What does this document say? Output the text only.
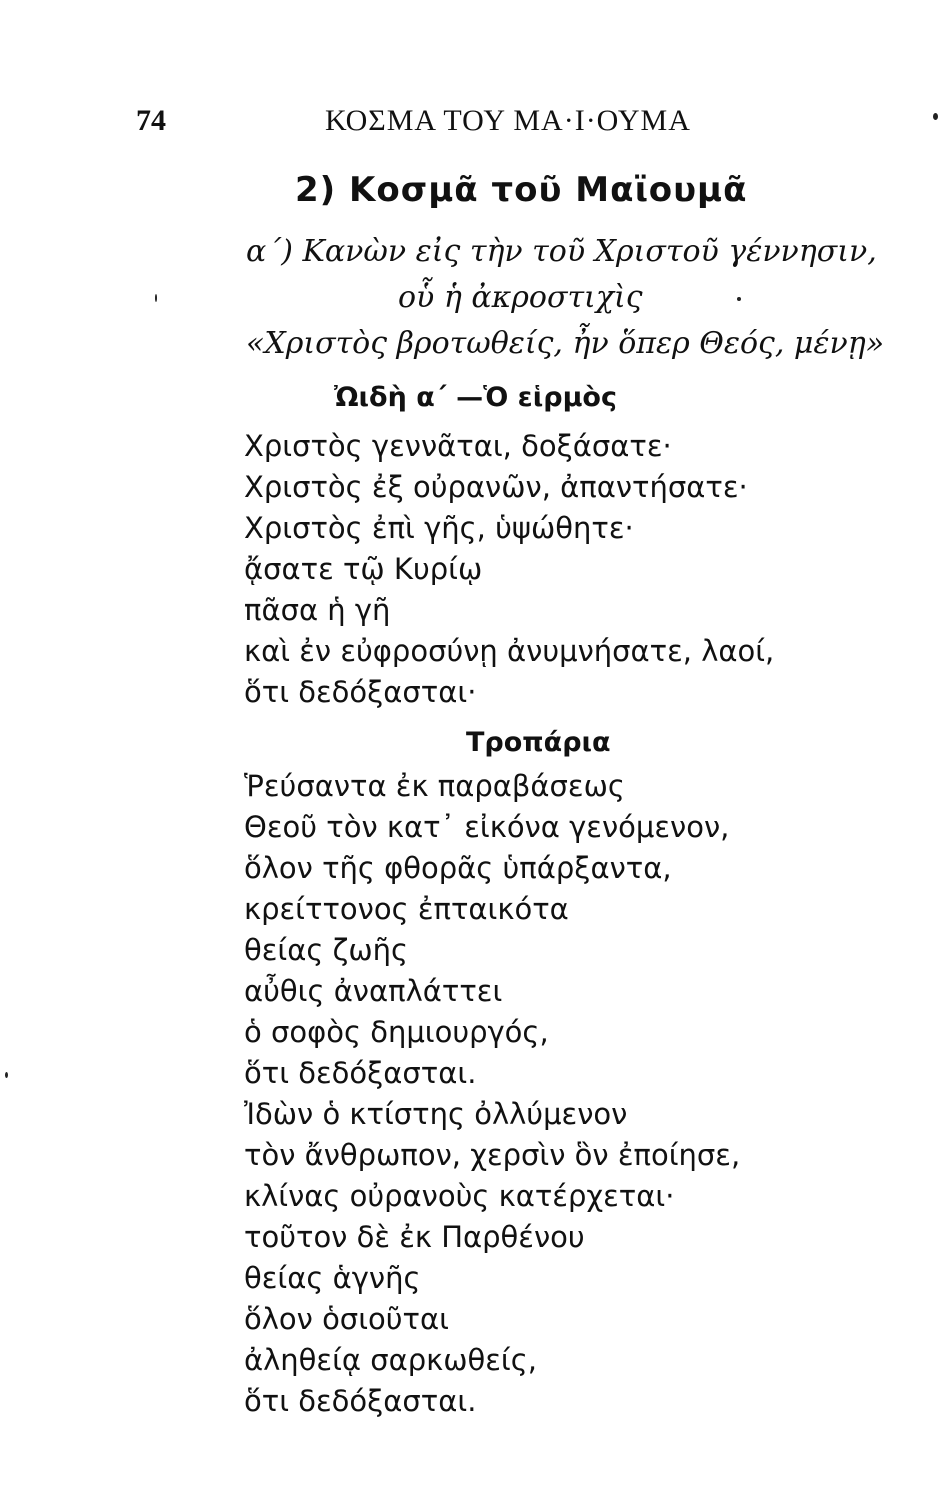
74	ΚΟΣΜΑ ΤΟΥ ΜΑ·Ι·ΟΥΜΑ
2) Κοσμᾶ τοῦ Μαϊουμᾶ
α΄) Κανὼν εἰς τὴν τοῦ Χριστοῦ γέννησιν,
οὗ ἡ ἀκροστιχὶς
«Χριστὸς βροτωθείς, ἦν ὅπερ Θεός, μένῃ»
Ὠιδὴ α΄ —Ὁ εἱρμὸς
Χριστὸς γεννᾶται, δοξάσατε·
Χριστὸς ἐξ οὐρανῶν, ἀπαντήσατε·
Χριστὸς ἐπὶ γῆς, ὑψώθητε·
ᾄσατε τῷ Κυρίῳ
πᾶσα ἡ γῆ
καὶ ἐν εὐφροσύνῃ ἀνυμνήσατε, λαοί,
ὅτι δεδόξασται·
Τροπάρια
Ῥεύσαντα ἐκ παραβάσεως
Θεοῦ τὸν κατ᾽ εἰκόνα γενόμενον,
ὅλον τῆς φθορᾶς ὑπάρξαντα,
κρείττονος ἐπταικότα
θείας ζωῆς
αὖθις ἀναπλάττει
ὁ σοφὸς δημιουργός,
ὅτι δεδόξασται.
Ἰδὼν ὁ κτίστης ὀλλύμενον
τὸν ἄνθρωπον, χερσὶν ὃν ἐποίησε,
κλίνας οὐρανοὺς κατέρχεται·
τοῦτον δὲ ἐκ Παρθένου
θείας ἁγνῆς
ὅλον ὁσιοῦται
ἀληθείᾳ σαρκωθείς,
ὅτι δεδόξασται.
